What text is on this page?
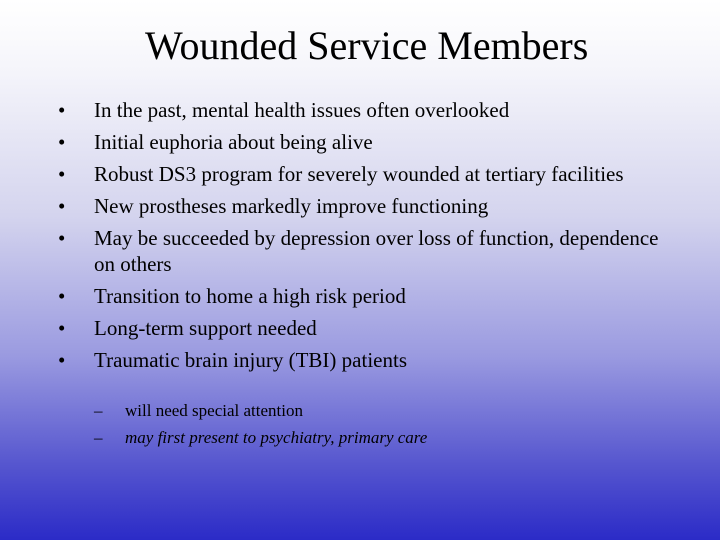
Wounded Service Members
•	In the past, mental health issues often overlooked
•	Initial euphoria about being alive
•	Robust DS3 program for severely wounded at tertiary facilities
•	New prostheses markedly improve functioning
•	May be succeeded by depression over loss of function, dependence on others
•	Transition to home a high risk period
•	Long-term support needed
•	Traumatic brain injury (TBI) patients
– will need special attention
– may first present to psychiatry, primary care
